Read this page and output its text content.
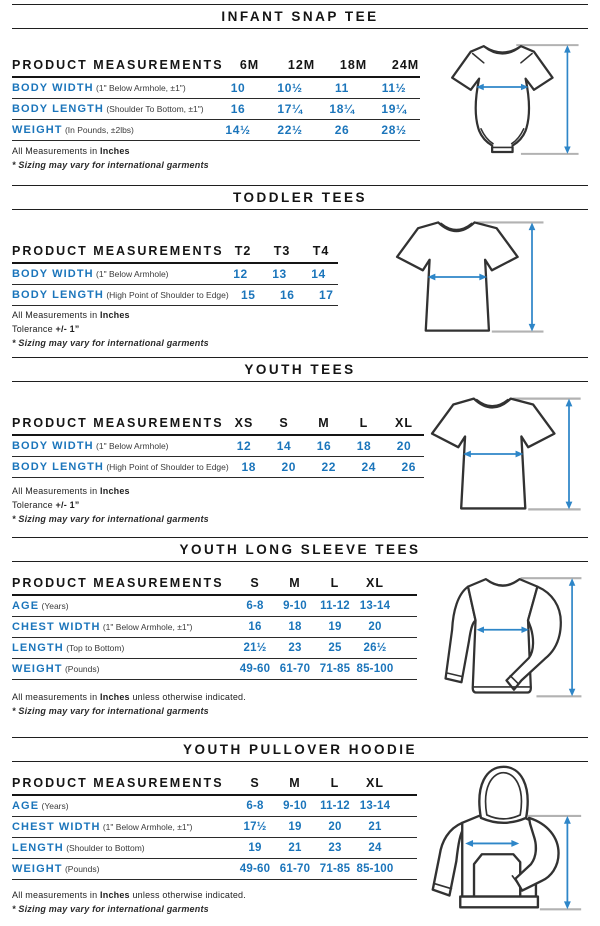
INFANT SNAP TEE
TODDLER TEES
YOUTH TEES
YOUTH LONG SLEEVE TEES
YOUTH PULLOVER HOODIE
PRODUCT MEASUREMENTS	6M	12M	18M	24M
BODY WIDTH (1" Below Armhole, ±1")	10	10½	11	11½
BODY LENGTH (Shoulder To Bottom, ±1")	16	17¼	18¼	19¼
WEIGHT (In Pounds, ±2lbs)	14½	22½	26	28½
PRODUCT MEASUREMENTS T2	T3	T4
BODY WIDTH (1" Below Armhole)	12	13	14
BODY LENGTH (High Point of Shoulder to Edge)	15	16	17
PRODUCT MEASUREMENTS XS	S	M	L	XL
BODY WIDTH (1" Below Armhole)	12	14	16	18	20
BODY LENGTH (High Point of Shoulder to Edge)	18	20	22	24	26
PRODUCT MEASUREMENTS	S	M	L	XL
AGE (Years)	6-8	9-10	11-12 13-14
CHEST WIDTH (1" Below Armhole, ±1")	16	18	19	20
LENGTH (Top to Bottom)	21½	23	25	26½
WEIGHT (Pounds)	49-60 61-70 71-85 85-100
PRODUCT MEASUREMENTS	S	M	L	XL
AGE (Years)	6-8	9-10	11-12 13-14
CHEST WIDTH (1" Below Armhole, ±1")	17½	19	20	21
LENGTH (Shoulder to Bottom)	19	21	23	24
WEIGHT (Pounds)	49-60 61-70 71-85 85-100

All Measurements in Inches

* Sizing may vary for international garments

All Measurements in Inches

Tolerance +/- 1”

* Sizing may vary for international garments

All Measurements in Inches

Tolerance +/- 1”

* Sizing may vary for international garments

All measurements in Inches unless otherwise indicated.

* Sizing may vary for international garments

All measurements in Inches unless otherwise indicated.

* Sizing may vary for international garments
